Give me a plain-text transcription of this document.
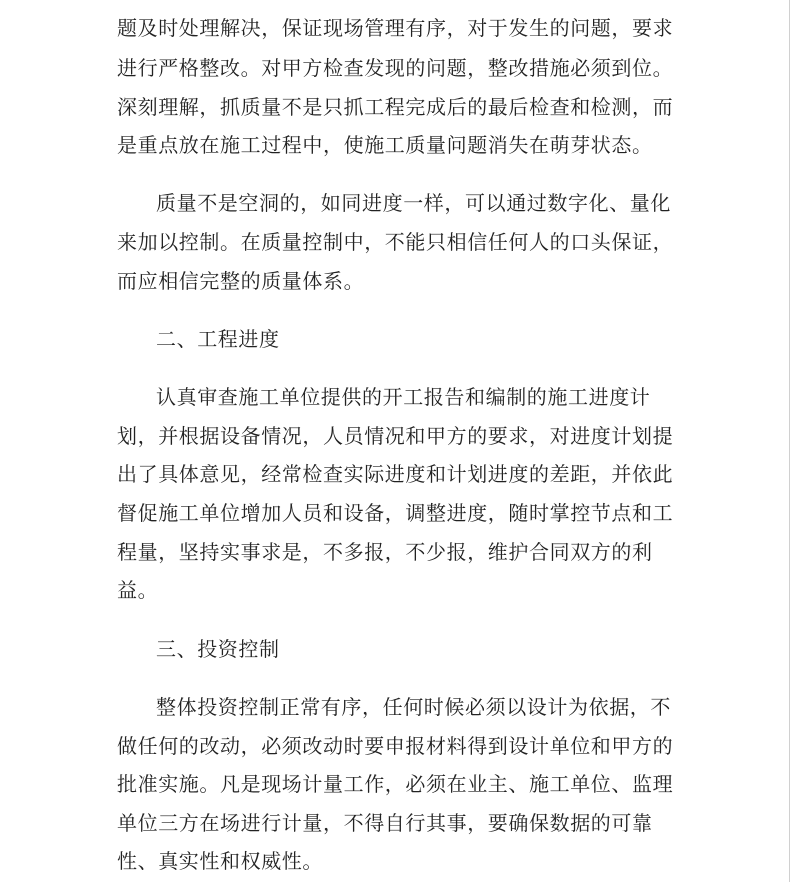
题及时处理解决，保证现场管理有序，对于发生的问题，要求
进行严格整改。对甲方检查发现的问题，整改措施必须到位。
深刻理解，抓质量不是只抓工程完成后的最后检查和检测，而
是重点放在施工过程中，使施工质量问题消失在萌芽状态。
质量不是空洞的，如同进度一样，可以通过数字化、量化
来加以控制。在质量控制中，不能只相信任何人的口头保证，
而应相信完整的质量体系。
二、工程进度
认真审查施工单位提供的开工报告和编制的施工进度计
划，并根据设备情况，人员情况和甲方的要求，对进度计划提
出了具体意见，经常检查实际进度和计划进度的差距，并依此
督促施工单位增加人员和设备，调整进度，随时掌控节点和工
程量，坚持实事求是，不多报，不少报，维护合同双方的利
益。
三、投资控制
整体投资控制正常有序，任何时候必须以设计为依据，不
做任何的改动，必须改动时要申报材料得到设计单位和甲方的
批准实施。凡是现场计量工作，必须在业主、施工单位、监理
单位三方在场进行计量，不得自行其事，要确保数据的可靠
性、真实性和权威性。
